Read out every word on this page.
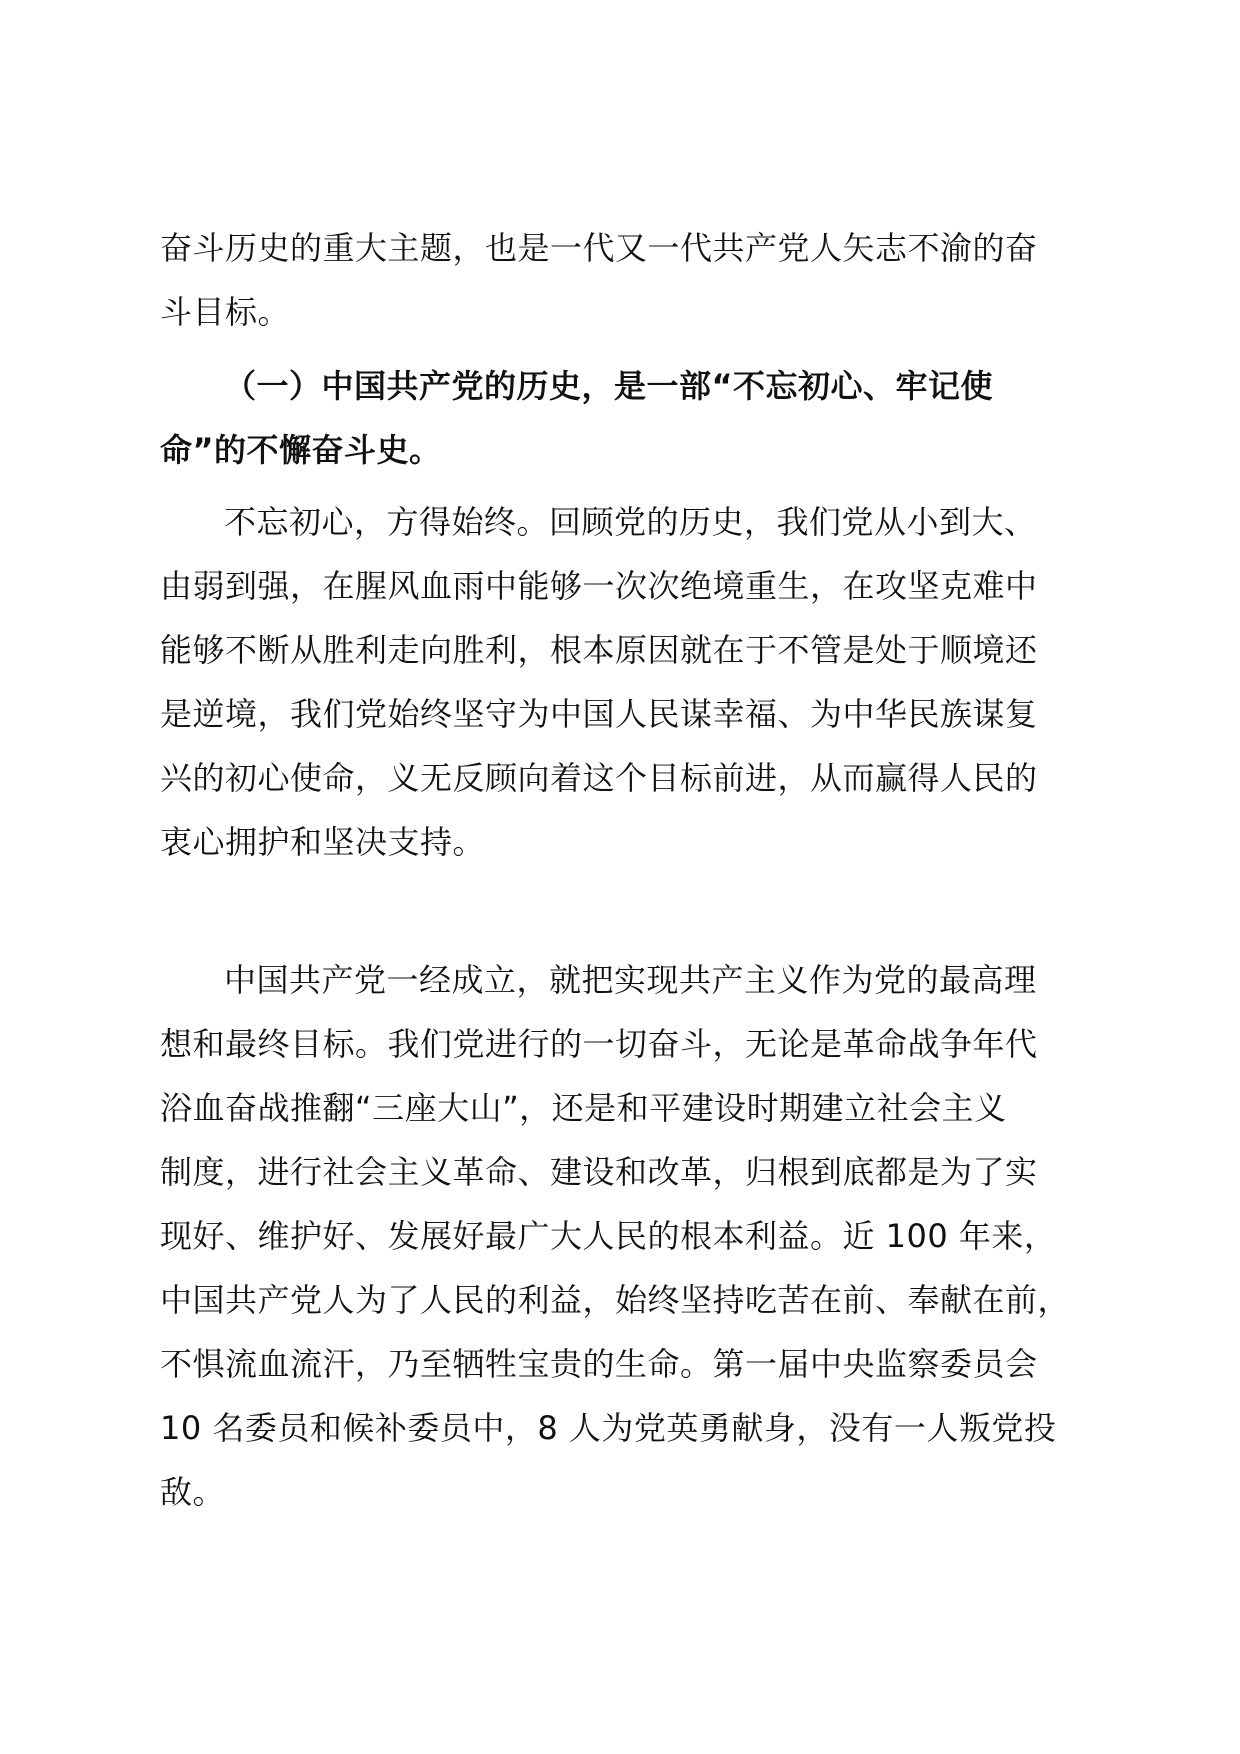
奋斗历史的重大主题，也是一代又一代共产党人矢志不渝的奋
斗目标。
（一）中国共产党的历史，是一部“不忘初心、牢记使
命”的不懈奋斗史。
不忘初心，方得始终。回顾党的历史，我们党从小到大、
由弱到强，在腥风血雨中能够一次次绝境重生，在攻坚克难中
能够不断从胜利走向胜利，根本原因就在于不管是处于顺境还
是逆境，我们党始终坚守为中国人民谋幸福、为中华民族谋复
兴的初心使命，义无反顾向着这个目标前进，从而赢得人民的
衷心拥护和坚决支持。
中国共产党一经成立，就把实现共产主义作为党的最高理
想和最终目标。我们党进行的一切奋斗，无论是革命战争年代
浴血奋战推翻“三座大山”，还是和平建设时期建立社会主义
制度，进行社会主义革命、建设和改革，归根到底都是为了实
现好、维护好、发展好最广大人民的根本利益。近 100 年来，
中国共产党人为了人民的利益，始终坚持吃苦在前、奉献在前，
不惧流血流汗，乃至牺牲宝贵的生命。第一届中央监察委员会
10 名委员和候补委员中，8 人为党英勇献身，没有一人叛党投
敌。
